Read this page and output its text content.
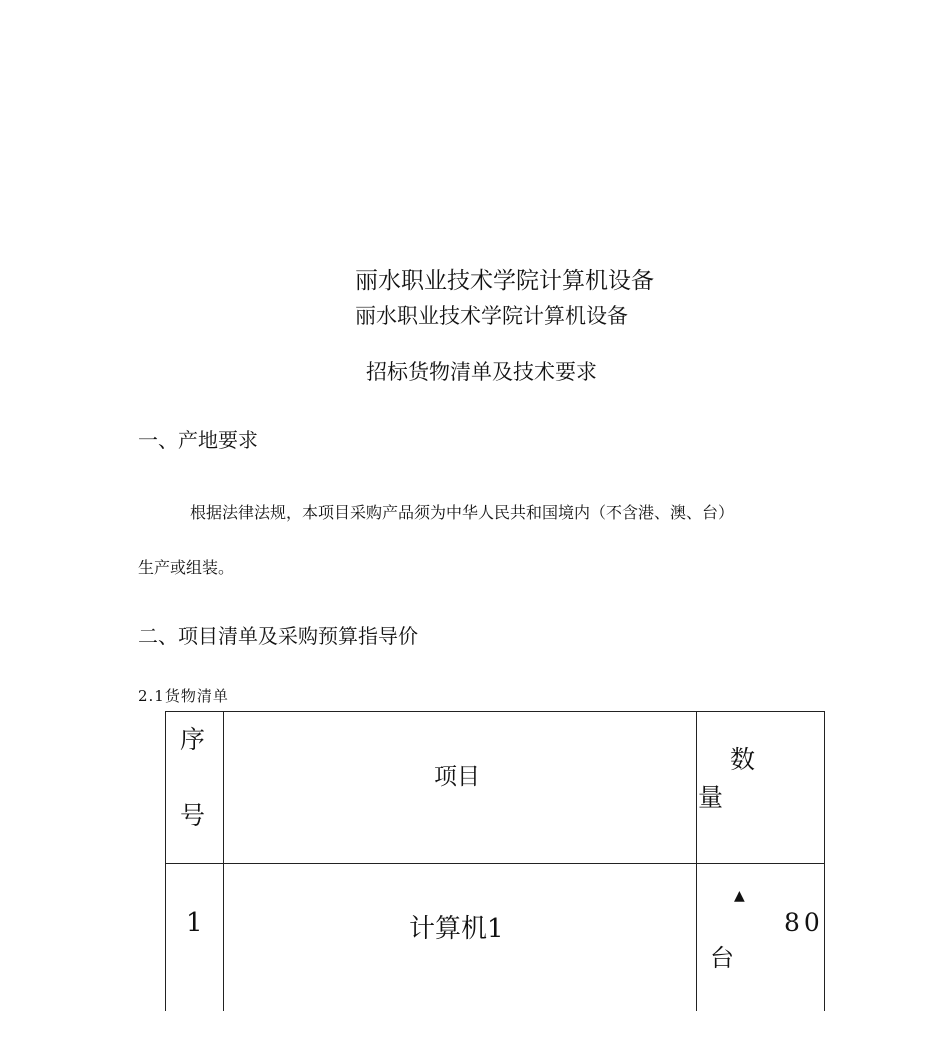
丽水职业技术学院计算机设备
丽水职业技术学院计算机设备
招标货物清单及技术要求
一、产地要求
根据法律法规，本项目采购产品须为中华人民共和国境内（不含港、澳、台）
生产或组装。
二、项目清单及采购预算指导价
2.1货物清单
序
号
项目
数
量
1	计算机1
▲
80
台
